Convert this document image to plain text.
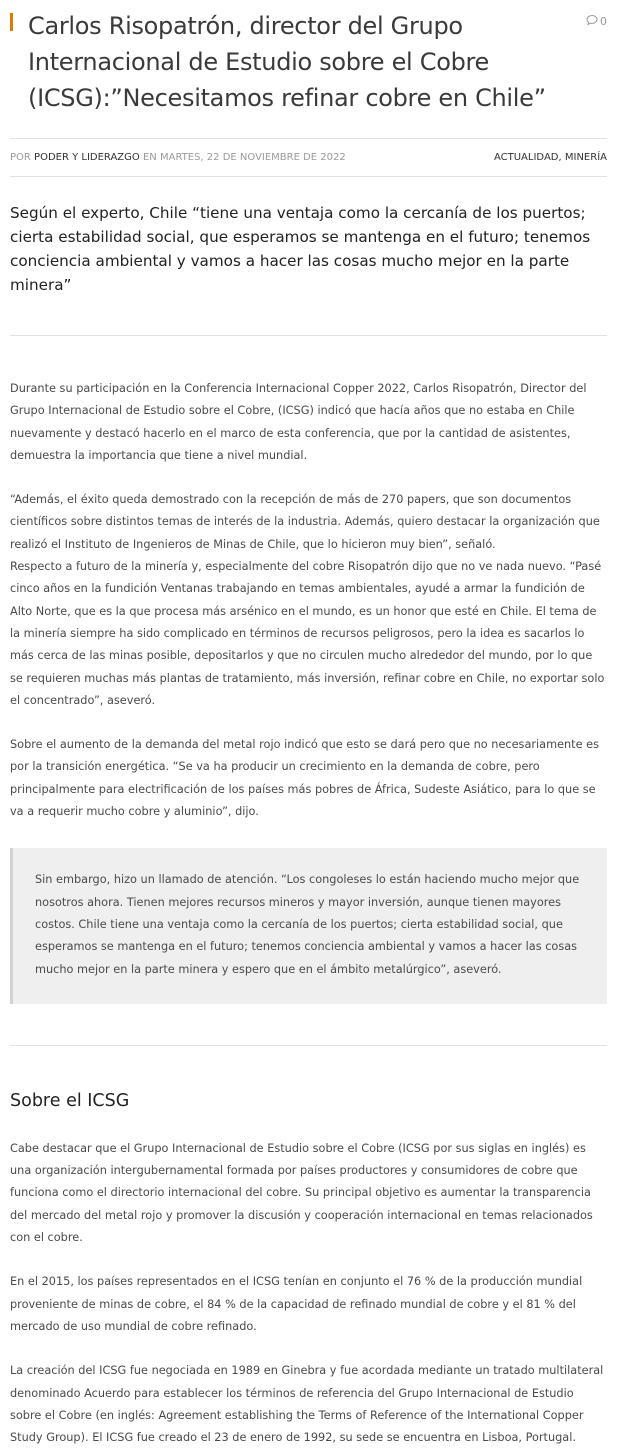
Carlos Risopatrón, director del Grupo Internacional de Estudio sobre el Cobre (ICSG):”Necesitamos refinar cobre en Chile”
0
POR PODER Y LIDERAZGO EN MARTES, 22 DE NOVIEMBRE DE 2022	ACTUALIDAD, MINERÍA

Según el experto, Chile “tiene una ventaja como la cercanía de los puertos; cierta estabilidad social, que esperamos se mantenga en el futuro; tenemos conciencia ambiental y vamos a hacer las cosas mucho mejor en la parte minera”

Durante su participación en la Conferencia Internacional Copper 2022, Carlos Risopatrón, Director del Grupo Internacional de Estudio sobre el Cobre, (ICSG) indicó que hacía años que no estaba en Chile nuevamente y destacó hacerlo en el marco de esta conferencia, que por la cantidad de asistentes, demuestra la importancia que tiene a nivel mundial.

“Además, el éxito queda demostrado con la recepción de más de 270 papers, que son documentos científicos sobre distintos temas de interés de la industria. Además, quiero destacar la organización que realizó el Instituto de Ingenieros de Minas de Chile, que lo hicieron muy bien”, señaló.

Respecto a futuro de la minería y, especialmente del cobre Risopatrón dijo que no ve nada nuevo. “Pasé cinco años en la fundición Ventanas trabajando en temas ambientales, ayudé a armar la fundición de Alto Norte, que es la que procesa más arsénico en el mundo, es un honor que esté en Chile. El tema de la minería siempre ha sido complicado en términos de recursos peligrosos, pero la idea es sacarlos lo más cerca de las minas posible, depositarlos y que no circulen mucho alrededor del mundo, por lo que se requieren muchas más plantas de tratamiento, más inversión, refinar cobre en Chile, no exportar solo el concentrado”, aseveró.

Sobre el aumento de la demanda del metal rojo indicó que esto se dará pero que no necesariamente es por la transición energética. “Se va ha producir un crecimiento en la demanda de cobre, pero principalmente para electrificación de los países más pobres de África, Sudeste Asiático, para lo que se va a requerir mucho cobre y aluminio”, dijo.

Sin embargo, hizo un llamado de atención. “Los congoleses lo están haciendo mucho mejor que nosotros ahora. Tienen mejores recursos mineros y mayor inversión, aunque tienen mayores costos. Chile tiene una ventaja como la cercanía de los puertos; cierta estabilidad social, que esperamos se mantenga en el futuro; tenemos conciencia ambiental y vamos a hacer las cosas mucho mejor en la parte minera y espero que en el ámbito metalúrgico”, aseveró.

Sobre el ICSG

Cabe destacar que el Grupo Internacional de Estudio sobre el Cobre (ICSG por sus siglas en inglés) es una organización intergubernamental formada por países productores y consumidores de cobre que funciona como el directorio internacional del cobre. Su principal objetivo es aumentar la transparencia del mercado del metal rojo y promover la discusión y cooperación internacional en temas relacionados con el cobre.

En el 2015, los países representados en el ICSG tenían en conjunto el 76 % de la producción mundial proveniente de minas de cobre, el 84 % de la capacidad de refinado mundial de cobre y el 81 % del mercado de uso mundial de cobre refinado.

La creación del ICSG fue negociada en 1989 en Ginebra y fue acordada mediante un tratado multilateral denominado Acuerdo para establecer los términos de referencia del Grupo Internacional de Estudio sobre el Cobre (en inglés: Agreement establishing the Terms of Reference of the International Copper Study Group). El ICSG fue creado el 23 de enero de 1992, su sede se encuentra en Lisboa, Portugal.
